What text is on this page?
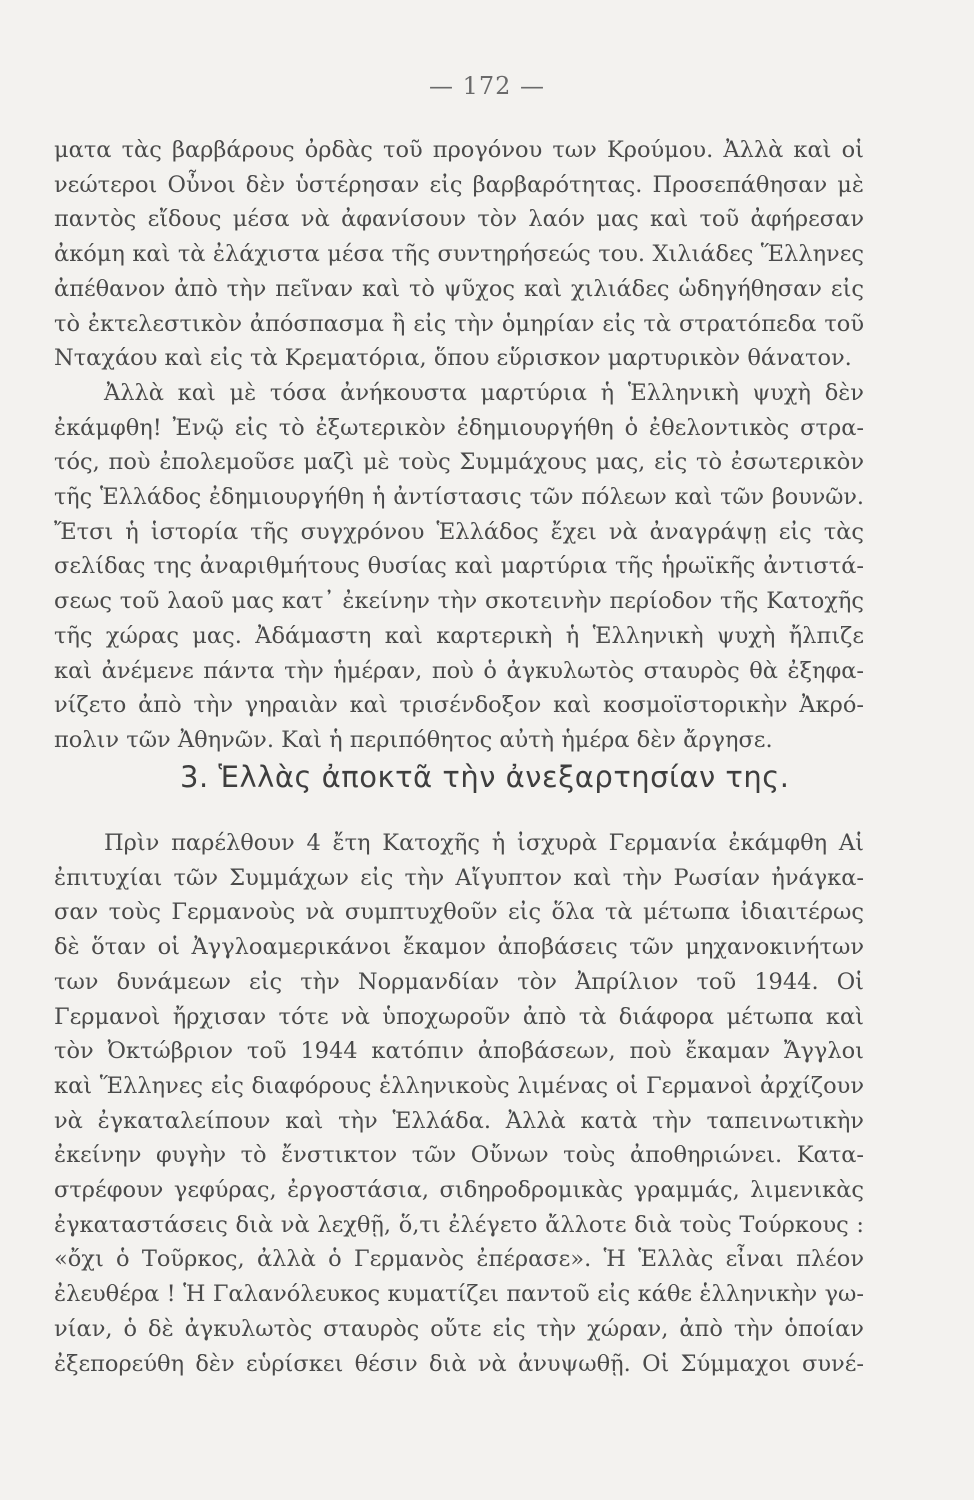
— 172 —
ματα τὰς βαρβάρους ὀρδὰς τοῦ προγόνου των Κρούμου. Ἀλλὰ καὶ οἱ
νεώτεροι Οὖνοι δὲν ὑστέρησαν εἰς βαρβαρότητας. Προσεπάθησαν μὲ
παντὸς εἴδους μέσα νὰ ἀφανίσουν τὸν λαόν μας καὶ τοῦ ἀφήρεσαν
ἀκόμη καὶ τὰ ἐλάχιστα μέσα τῆς συντηρήσεώς του. Χιλιάδες Ἕλληνες
ἀπέθανον ἀπὸ τὴν πεῖναν καὶ τὸ ψῦχος καὶ χιλιάδες ὡδηγήθησαν εἰς
τὸ ἐκτελεστικὸν ἀπόσπασμα ἢ εἰς τὴν ὁμηρίαν εἰς τὰ στρατόπεδα τοῦ
Νταχάου καὶ εἰς τὰ Κρεματόρια, ὅπου εὕρισκον μαρτυρικὸν θάνατον.
Ἀλλὰ καὶ μὲ τόσα ἀνήκουστα μαρτύρια ἡ Ἑλληνικὴ ψυχὴ δὲν
ἐκάμφθη! Ἐνῷ εἰς τὸ ἐξωτερικὸν ἐδημιουργήθη ὁ ἐθελοντικὸς στρα-
τός, ποὺ ἐπολεμοῦσε μαζὶ μὲ τοὺς Συμμάχους μας, εἰς τὸ ἐσωτερικὸν
τῆς Ἑλλάδος ἐδημιουργήθη ἡ ἀντίστασις τῶν πόλεων καὶ τῶν βουνῶν.
Ἔτσι ἡ ἱστορία τῆς συγχρόνου Ἑλλάδος ἔχει νὰ ἀναγράψῃ εἰς τὰς
σελίδας της ἀναριθμήτους θυσίας καὶ μαρτύρια τῆς ἡρωϊκῆς ἀντιστά-
σεως τοῦ λαοῦ μας κατ᾿ ἐκείνην τὴν σκοτεινὴν περίοδον τῆς Κατοχῆς
τῆς χώρας μας. Ἀδάμαστη καὶ καρτερικὴ ἡ Ἑλληνικὴ ψυχὴ ἤλπιζε
καὶ ἀνέμενε πάντα τὴν ἡμέραν, ποὺ ὁ ἀγκυλωτὸς σταυρὸς θὰ ἐξηφα-
νίζετο ἀπὸ τὴν γηραιὰν καὶ τρισένδοξον καὶ κοσμοϊστορικὴν Ἀκρό-
πολιν τῶν Ἀθηνῶν. Καὶ ἡ περιπόθητος αὐτὴ ἡμέρα δὲν ἄργησε.
3. Ἑλλὰς ἀποκτᾶ τὴν ἀνεξαρτησίαν της.
Πρὶν παρέλθουν 4 ἔτη Κατοχῆς ἡ ἰσχυρὰ Γερμανία ἐκάμφθη Αἱ
ἐπιτυχίαι τῶν Συμμάχων εἰς τὴν Αἴγυπτον καὶ τὴν Ρωσίαν ἠνάγκα-
σαν τοὺς Γερμανοὺς νὰ συμπτυχθοῦν εἰς ὅλα τὰ μέτωπα ἰδιαιτέρως
δὲ ὅταν οἱ Ἀγγλοαμερικάνοι ἔκαμον ἀποβάσεις τῶν μηχανοκινήτων
των δυνάμεων εἰς τὴν Νορμανδίαν τὸν Ἀπρίλιον τοῦ 1944. Οἱ
Γερμανοὶ ἤρχισαν τότε νὰ ὑποχωροῦν ἀπὸ τὰ διάφορα μέτωπα καὶ
τὸν Ὀκτώβριον τοῦ 1944 κατόπιν ἀποβάσεων, ποὺ ἔκαμαν Ἄγγλοι
καὶ Ἕλληνες εἰς διαφόρους ἑλληνικοὺς λιμένας οἱ Γερμανοὶ ἀρχίζουν
νὰ ἐγκαταλείπουν καὶ τὴν Ἑλλάδα. Ἀλλὰ κατὰ τὴν ταπεινωτικὴν
ἐκείνην φυγὴν τὸ ἔνστικτον τῶν Οὔνων τοὺς ἀποθηριώνει. Κατα-
στρέφουν γεφύρας, ἐργοστάσια, σιδηροδρομικὰς γραμμάς, λιμενικὰς
ἐγκαταστάσεις διὰ νὰ λεχθῇ, ὅ,τι ἐλέγετο ἄλλοτε διὰ τοὺς Τούρκους :
«ὄχι ὁ Τοῦρκος, ἀλλὰ ὁ Γερμανὸς ἐπέρασε». Ἡ Ἑλλὰς εἶναι πλέον
ἐλευθέρα ! Ἡ Γαλανόλευκος κυματίζει παντοῦ εἰς κάθε ἑλληνικὴν γω-
νίαν, ὁ δὲ ἀγκυλωτὸς σταυρὸς οὔτε εἰς τὴν χώραν, ἀπὸ τὴν ὁποίαν
ἐξεπορεύθη δὲν εὑρίσκει θέσιν διὰ νὰ ἀνυψωθῇ. Οἱ Σύμμαχοι συνέ-
